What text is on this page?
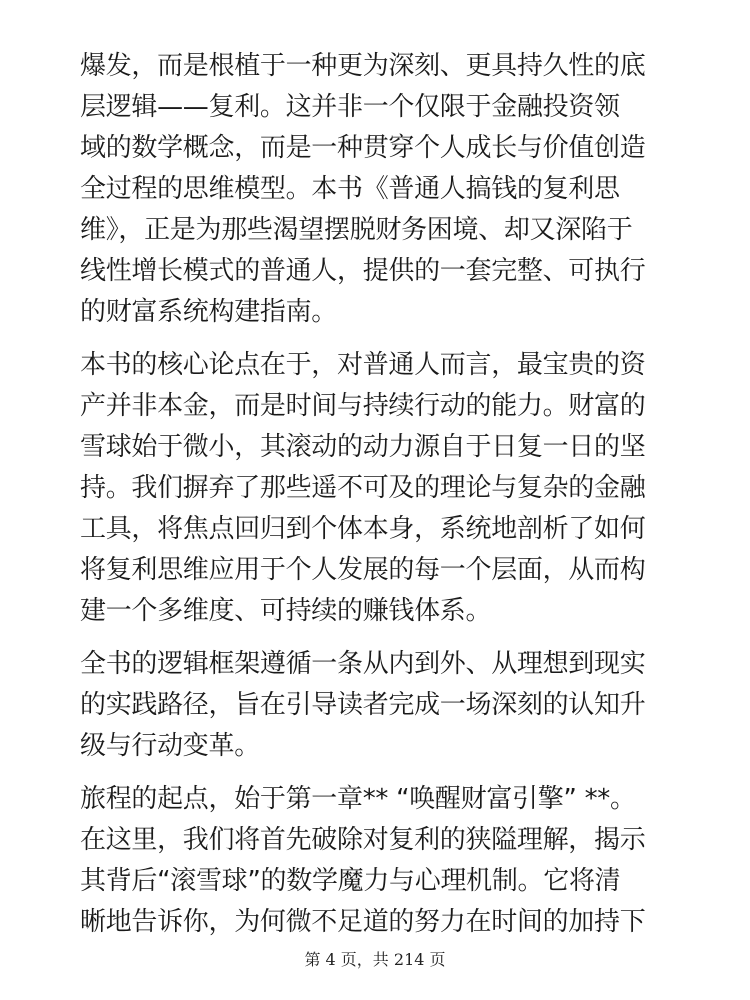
爆发，而是根植于一种更为深刻、更具持久性的底
层逻辑——复利。这并非一个仅限于金融投资领
域的数学概念，而是一种贯穿个人成长与价值创造
全过程的思维模型。本书《普通人搞钱的复利思
维》，正是为那些渴望摆脱财务困境、却又深陷于
线性增长模式的普通人，提供的一套完整、可执行
的财富系统构建指南。

本书的核心论点在于，对普通人而言，最宝贵的资
产并非本金，而是时间与持续行动的能力。财富的
雪球始于微小，其滚动的动力源自于日复一日的坚
持。我们摒弃了那些遥不可及的理论与复杂的金融
工具，将焦点回归到个体本身，系统地剖析了如何
将复利思维应用于个人发展的每一个层面，从而构
建一个多维度、可持续的赚钱体系。

全书的逻辑框架遵循一条从内到外、从理想到现实
的实践路径，旨在引导读者完成一场深刻的认知升
级与行动变革。

旅程的起点，始于第一章** “唤醒财富引擎” **。
在这里，我们将首先破除对复利的狭隘理解，揭示
其背后“滚雪球”的数学魔力与心理机制。它将清
晰地告诉你，为何微不足道的努力在时间的加持下

第 4 页，共 214 页
